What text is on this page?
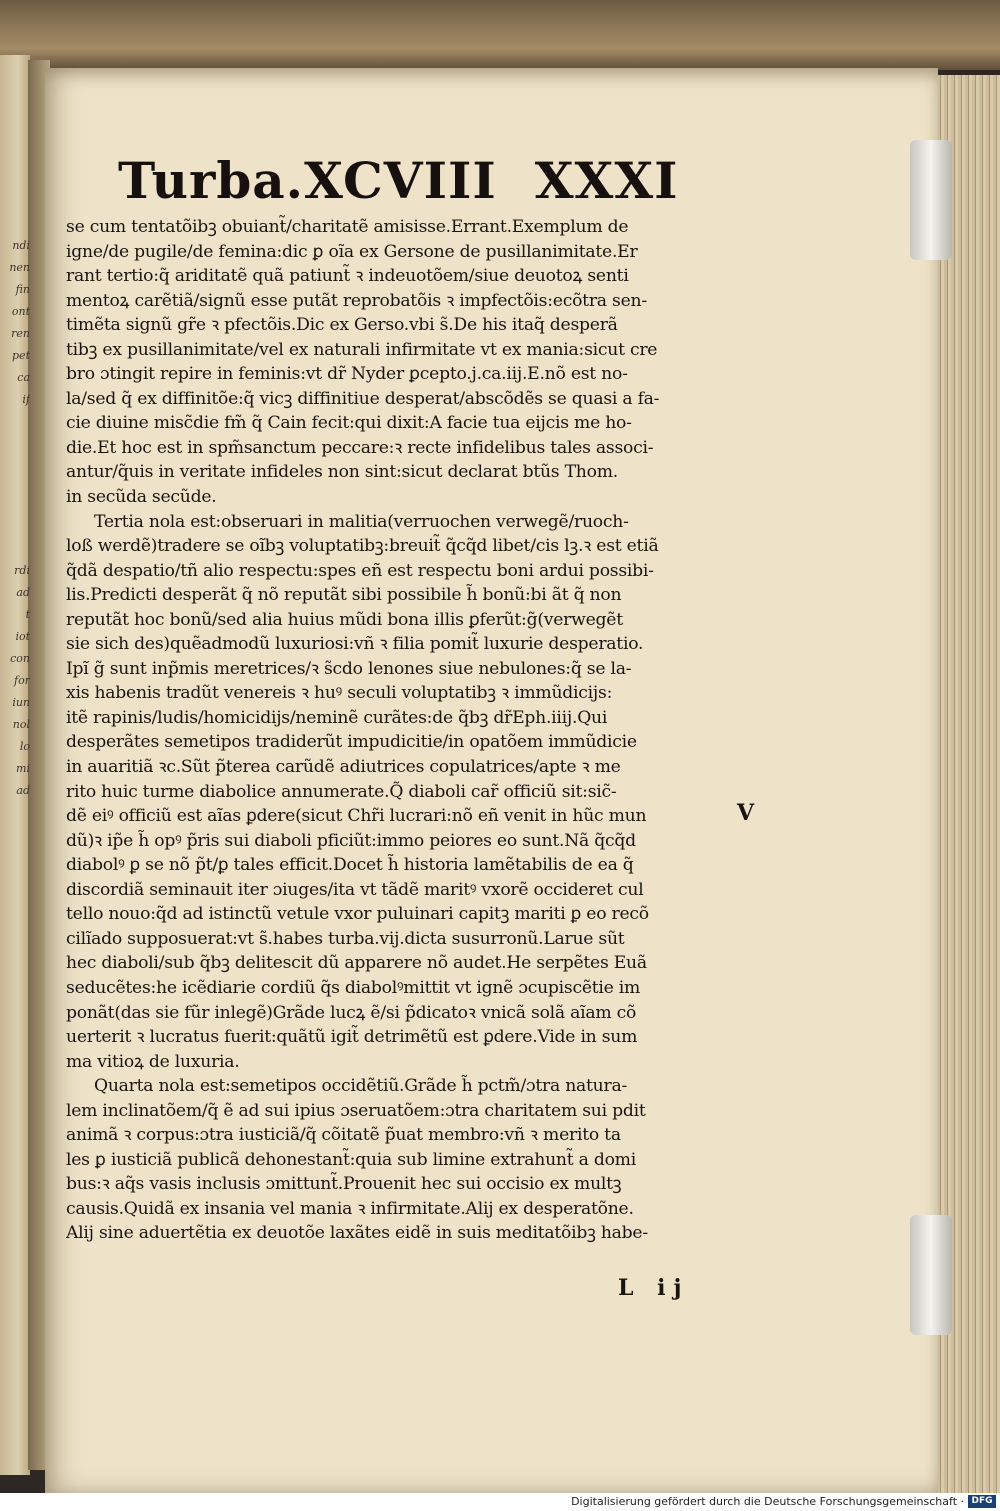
ndi
nen
fin
ont
ren
pet
ca
if
rdi
ad
t
iot
con
for
iun
nol
lo
mi
ad
Turba.XCVIII XXXI
se cum tentatõibꝫ obuiant̃/charitatẽ amisisse.Errant.Exemplum de
igne/de pugile/de femina:dic ꝑ oĩa ex Gersone de pusillanimitate.Er
rant tertio:q̃ ariditatẽ quã patiunt̃ ꝛ indeuotõem/siue deuotoꝝ senti
mentoꝝ carẽtiã/signũ esse putãt reprobatõis ꝛ impfectõis:ecõtra sen-
timẽta signũ gr̃e ꝛ pfectõis.Dic ex Gerso.vbi s̃.De his itaq̃ desperã
tibꝫ ex pusillanimitate/vel ex naturali infirmitate vt ex mania:sicut cre
bro ɔtingit repire in feminis:vt dr̃ Nyder ꝑcepto.j.ca.iij.E.nõ est no-
la/sed q̃ ex diffinitõe:q̃ vicꝫ diffinitiue desperat/abscõdẽs se quasi a fa-
cie diuine misc̃die fm̃ q̃ Cain fecit:qui dixit:A facie tua eijcis me ho-
die.Et hoc est in spm̃sanctum peccare:ꝛ recte infidelibus tales associ-
antur/q̃uis in veritate infideles non sint:sicut declarat btũs Thom.
in secũda secũde.
Tertia nola est:obseruari in malitia(verruochen verwegẽ/ruoch-
loß werdẽ)tradere se oĩbꝫ voluptatibꝫ:breuit̃ q̃cq̃d libet/cis lꝫ.ꝛ est etiã
q̃dã despatio/tñ alio respectu:spes eñ est respectu boni ardui possibi-
lis.Predicti desperãt q̃ nõ reputãt sibi possibile h̃ bonũ:bi ãt q̃ non
reputãt hoc bonũ/sed alia huius mũdi bona illis ꝑferũt:g̃(verwegẽt
sie sich des)quẽadmodũ luxuriosi:vñ ꝛ filia pomit̃ luxurie desperatio.
Ipĩ g̃ sunt inp̃mis meretrices/ꝛ s̃cdo lenones siue nebulones:q̃ se la-
xis habenis tradũt venereis ꝛ huꝰ seculi voluptatibꝫ ꝛ immũdicijs:
itẽ rapinis/ludis/homicidijs/neminẽ curãtes:de q̃bꝫ dr̃Eph.iiij.Qui
desperãtes semetipos tradiderũt impudicitie/in opatõem immũdicie
in auaritiã ꝛc.Sũt p̃terea carũdẽ adiutrices copulatrices/apte ꝛ me
rito huic turme diabolice annumerate.Q̃ diaboli car̃ officiũ sit:sic̃-
dẽ eiꝰ officiũ est aĩas ꝑdere(sicut Chr̃i lucrari:nõ eñ venit in hũc mun
dũ)ꝛ ip̃e h̃ opꝰ p̃ris sui diaboli pficiũt:immo peiores eo sunt.Nã q̃cq̃d
diabolꝰ ꝑ se nõ p̃t/ꝑ tales efficit.Docet h̃ historia lamẽtabilis de ea q̃
discordiã seminauit iter ɔiuges/ita vt tãdẽ maritꝰ vxorẽ occideret cul
tello nouo:q̃d ad istinctũ vetule vxor puluinari capitꝫ mariti ꝑ eo recõ
cilĩado supposuerat:vt s̃.habes turba.vij.dicta susurronũ.Larue sũt
hec diaboli/sub q̃bꝫ delitescit dũ apparere nõ audet.He serpẽtes Euã
seducẽtes:he icẽdiarie cordiũ q̃s diabolꝰmittit vt ignẽ ɔcupiscẽtie im
ponãt(das sie fũr inlegẽ)Grãde lucꝝ ẽ/si p̃dicatoꝛ vnicã solã aĩam cõ
uerterit ꝛ lucratus fuerit:quãtũ igit̃ detrimẽtũ est ꝑdere.Vide in sum
ma vitioꝝ de luxuria.
Quarta nola est:semetipos occidẽtiũ.Grãde h̃ pctm̃/ɔtra natura-
lem inclinatõem/q̃ ẽ ad sui ipius ɔseruatõem:ɔtra charitatem sui pdit
animã ꝛ corpus:ɔtra iusticiã/q̃ cõitatẽ p̃uat membro:vñ ꝛ merito ta
les ꝑ iusticiã publicã dehonestant̃:quia sub limine extrahunt̃ a domi
bus:ꝛ aq̃s vasis inclusis ɔmittunt̃.Prouenit hec sui occisio ex multꝫ
causis.Quidã ex insania vel mania ꝛ infirmitate.Alij ex desperatõne.
Alij sine aduertẽtia ex deuotõe laxãtes eidẽ in suis meditatõibꝫ habe-
V
L ij
Digitalisierung gefördert durch die Deutsche Forschungsgemeinschaft · DFG
